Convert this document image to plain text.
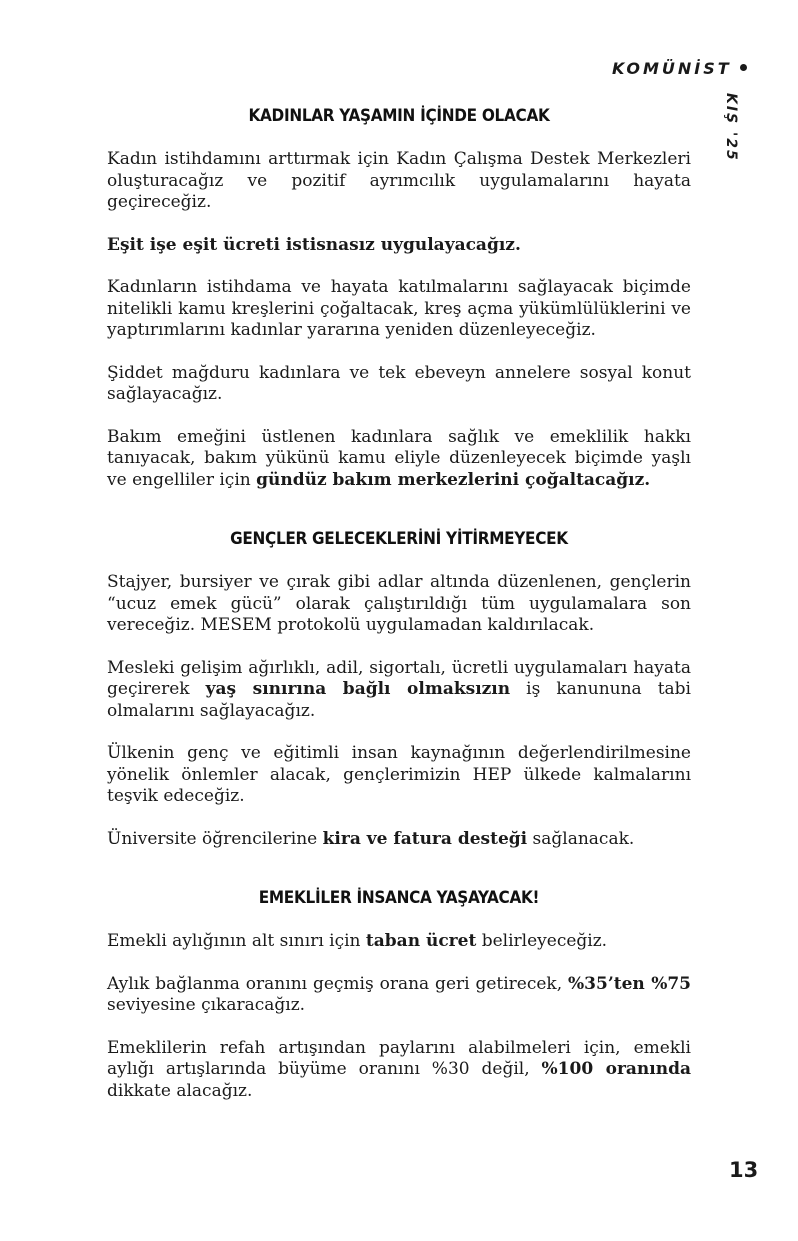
KOMÜNİST
KIŞ '25
KADINLAR YAŞAMIN İÇİNDE OLACAK

Kadın istihdamını arttırmak için Kadın Çalışma Destek Merkezleri oluşturacağız ve pozitif ayrımcılık uygulamalarını hayata geçireceğiz.

Eşit işe eşit ücreti istisnasız uygulayacağız.

Kadınların istihdama ve hayata katılmalarını sağlayacak biçimde nitelikli kamu kreşlerini çoğaltacak, kreş açma yükümlülüklerini ve yaptırımlarını kadınlar yararına yeniden düzenleyeceğiz.

Şiddet mağduru kadınlara ve tek ebeveyn annelere sosyal konut sağlayacağız.

Bakım emeğini üstlenen kadınlara sağlık ve emeklilik hakkı tanıyacak, bakım yükünü kamu eliyle düzenleyecek biçimde yaşlı ve engelliler için gündüz bakım merkezlerini çoğaltacağız.

GENÇLER GELECEKLERİNİ YİTİRMEYECEK

Stajyer, bursiyer ve çırak gibi adlar altında düzenlenen, gençlerin “ucuz emek gücü” olarak çalıştırıldığı tüm uygulamalara son vereceğiz. MESEM protokolü uygulamadan kaldırılacak.

Mesleki gelişim ağırlıklı, adil, sigortalı, ücretli uygulamaları hayata geçirerek yaş sınırına bağlı olmaksızın iş kanununa tabi olmalarını sağlayacağız.

Ülkenin genç ve eğitimli insan kaynağının değerlendirilmesine yönelik önlemler alacak, gençlerimizin HEP ülkede kalmalarını teşvik edeceğiz.

Üniversite öğrencilerine kira ve fatura desteği sağlanacak.

EMEKLİLER İNSANCA YAŞAYACAK!

Emekli aylığının alt sınırı için taban ücret belirleyeceğiz.

Aylık bağlanma oranını geçmiş orana geri getirecek, %35’ten %75 seviyesine çıkaracağız.

Emeklilerin refah artışından paylarını alabilmeleri için, emekli aylığı artışlarında büyüme oranını %30 değil, %100 oranında dikkate alacağız.

13
